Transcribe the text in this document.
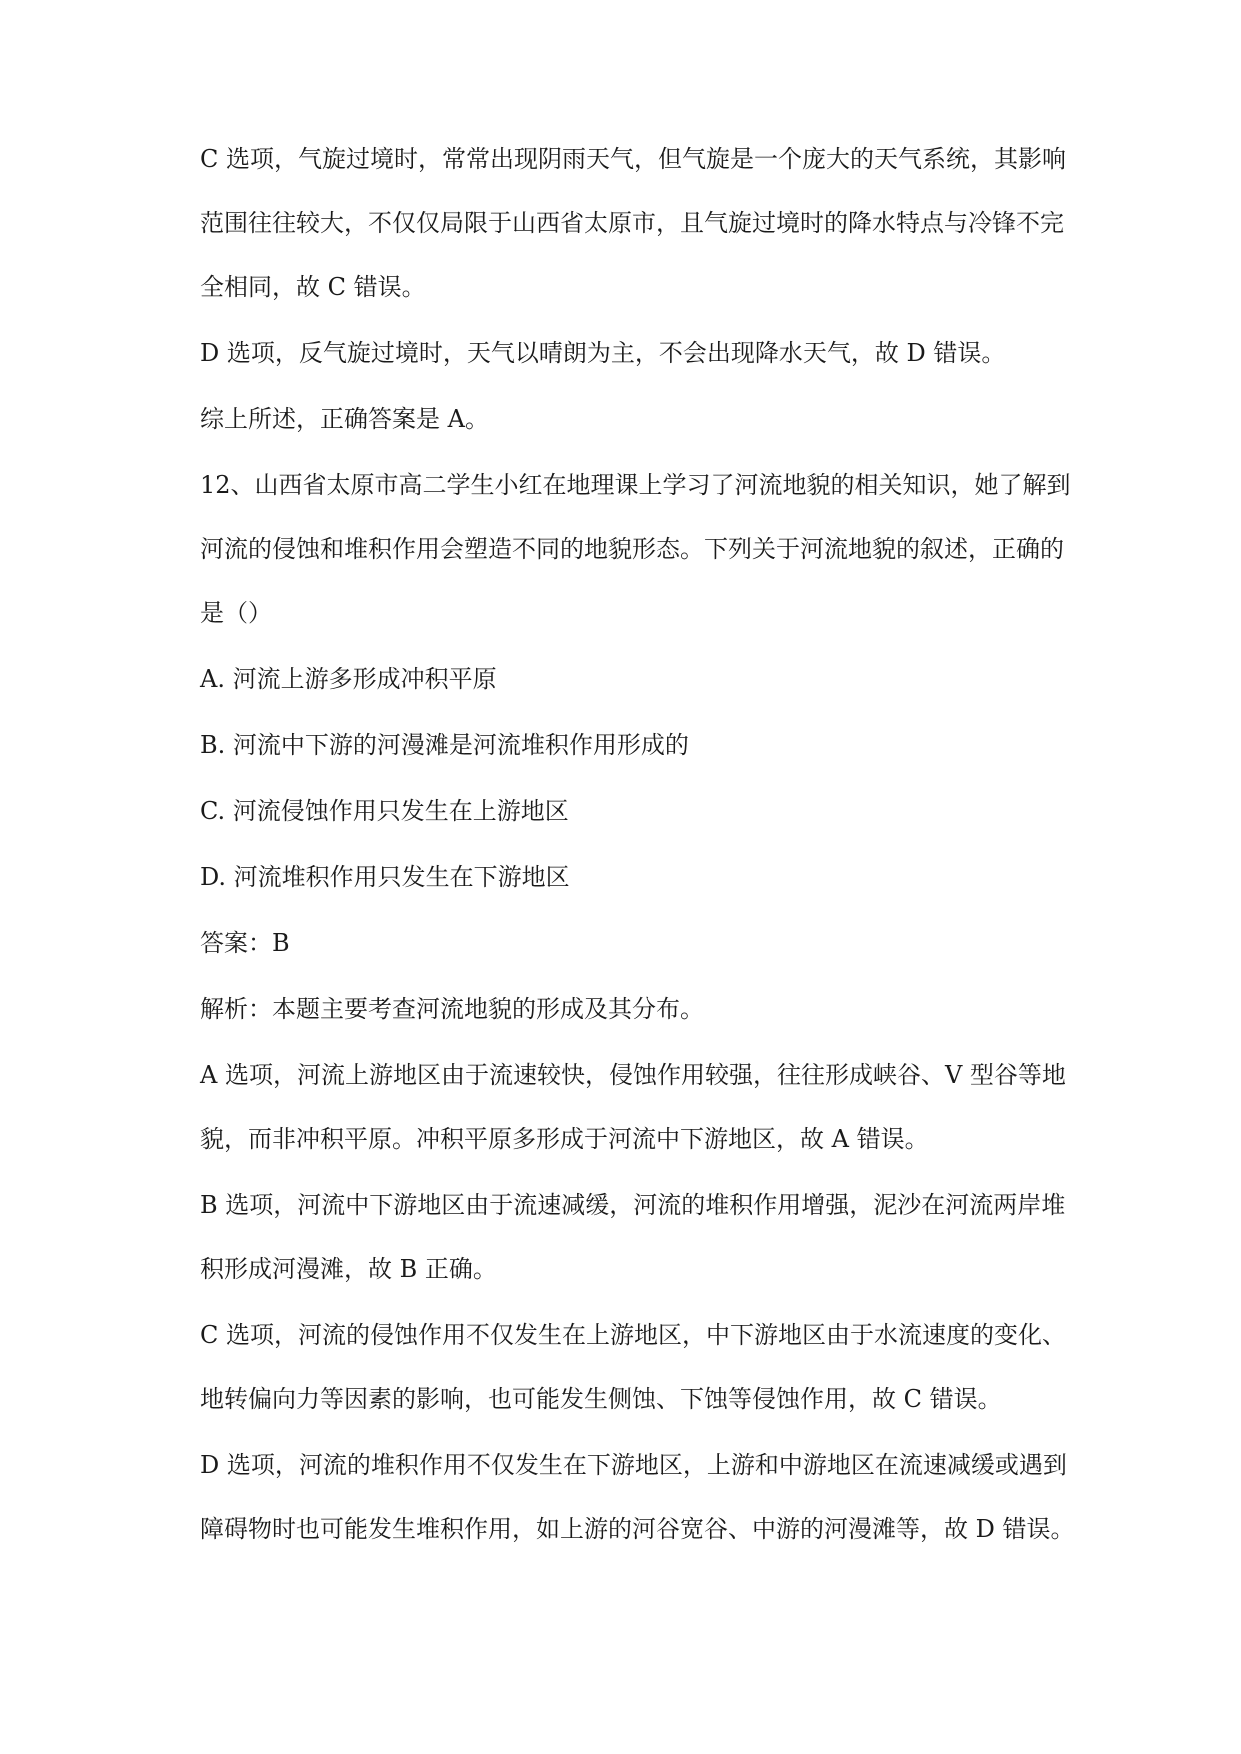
C 选项，气旋过境时，常常出现阴雨天气，但气旋是一个庞大的天气系统，其影响

范围往往较大，不仅仅局限于山西省太原市，且气旋过境时的降水特点与冷锋不完

全相同，故 C 错误。

D 选项，反气旋过境时，天气以晴朗为主，不会出现降水天气，故 D 错误。

综上所述，正确答案是 A。

12、山西省太原市高二学生小红在地理课上学习了河流地貌的相关知识，她了解到

河流的侵蚀和堆积作用会塑造不同的地貌形态。下列关于河流地貌的叙述，正确的

是（）

A. 河流上游多形成冲积平原

B. 河流中下游的河漫滩是河流堆积作用形成的

C. 河流侵蚀作用只发生在上游地区

D. 河流堆积作用只发生在下游地区

答案：B

解析：本题主要考查河流地貌的形成及其分布。

A 选项，河流上游地区由于流速较快，侵蚀作用较强，往往形成峡谷、V 型谷等地

貌，而非冲积平原。冲积平原多形成于河流中下游地区，故 A 错误。

B 选项，河流中下游地区由于流速减缓，河流的堆积作用增强，泥沙在河流两岸堆

积形成河漫滩，故 B 正确。

C 选项，河流的侵蚀作用不仅发生在上游地区，中下游地区由于水流速度的变化、

地转偏向力等因素的影响，也可能发生侧蚀、下蚀等侵蚀作用，故 C 错误。

D 选项，河流的堆积作用不仅发生在下游地区，上游和中游地区在流速减缓或遇到

障碍物时也可能发生堆积作用，如上游的河谷宽谷、中游的河漫滩等，故 D 错误。
